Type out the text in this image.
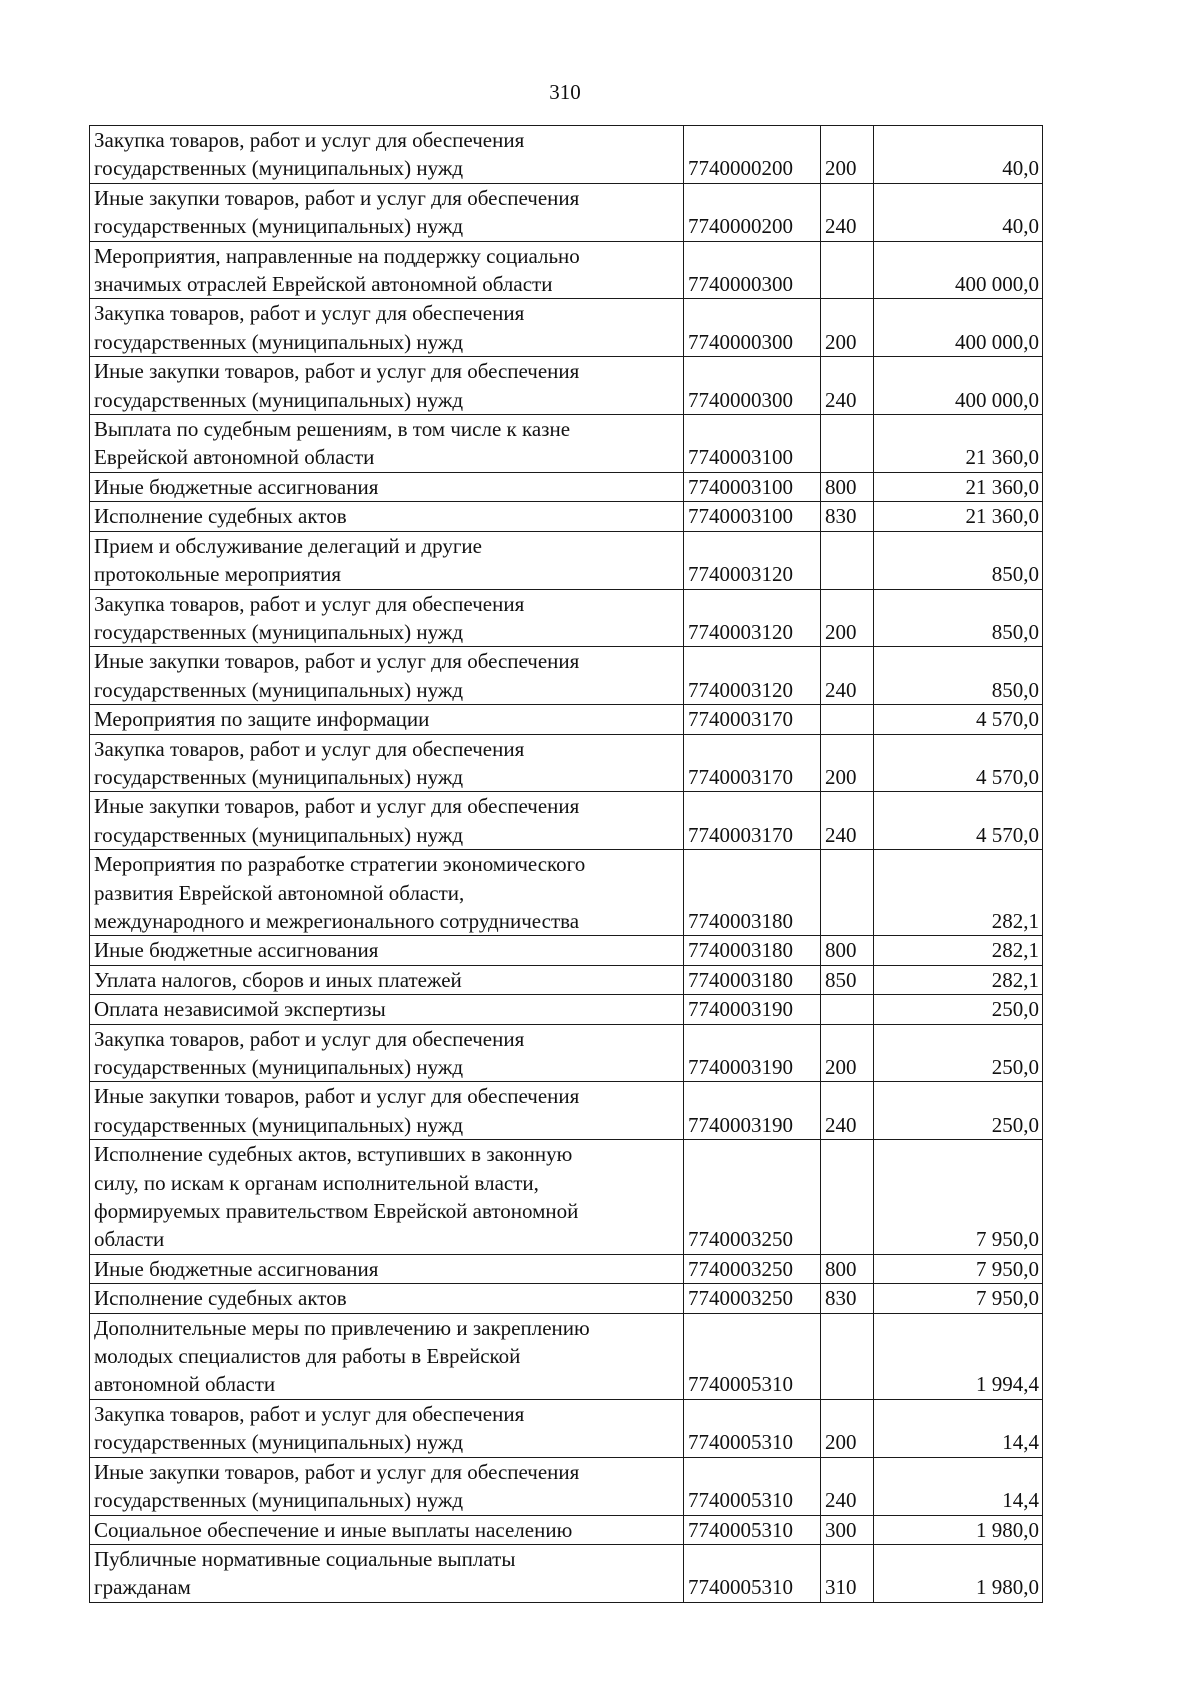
310
Закупка товаров, работ и услуг для обеспечения
государственных (муниципальных) нужд	7740000200	200	40,0

Иные закупки товаров, работ и услуг для обеспечения
государственных (муниципальных) нужд	7740000200	240	40,0

Мероприятия, направленные на поддержку социально
значимых отраслей Еврейской автономной области	7740000300		400 000,0

Закупка товаров, работ и услуг для обеспечения
государственных (муниципальных) нужд	7740000300	200	400 000,0

Иные закупки товаров, работ и услуг для обеспечения
государственных (муниципальных) нужд	7740000300	240	400 000,0

Выплата по судебным решениям, в том числе к казне
Еврейской автономной области	7740003100		21 360,0

Иные бюджетные ассигнования	7740003100	800	21 360,0

Исполнение судебных актов	7740003100	830	21 360,0

Прием и обслуживание делегаций и другие
протокольные мероприятия	7740003120		850,0

Закупка товаров, работ и услуг для обеспечения
государственных (муниципальных) нужд	7740003120	200	850,0

Иные закупки товаров, работ и услуг для обеспечения
государственных (муниципальных) нужд	7740003120	240	850,0

Мероприятия по защите информации	7740003170		4 570,0

Закупка товаров, работ и услуг для обеспечения
государственных (муниципальных) нужд	7740003170	200	4 570,0

Иные закупки товаров, работ и услуг для обеспечения
государственных (муниципальных) нужд	7740003170	240	4 570,0

Мероприятия по разработке стратегии экономического
развития Еврейской автономной области,
международного и межрегионального сотрудничества	7740003180		282,1

Иные бюджетные ассигнования	7740003180	800	282,1

Уплата налогов, сборов и иных платежей	7740003180	850	282,1

Оплата независимой экспертизы	7740003190		250,0

Закупка товаров, работ и услуг для обеспечения
государственных (муниципальных) нужд	7740003190	200	250,0

Иные закупки товаров, работ и услуг для обеспечения
государственных (муниципальных) нужд	7740003190	240	250,0

Исполнение судебных актов, вступивших в законную
силу, по искам к органам исполнительной власти,
формируемых правительством Еврейской автономной
области	7740003250		7 950,0

Иные бюджетные ассигнования	7740003250	800	7 950,0

Исполнение судебных актов	7740003250	830	7 950,0

Дополнительные меры по привлечению и закреплению
молодых специалистов для работы в Еврейской
автономной области	7740005310		1 994,4

Закупка товаров, работ и услуг для обеспечения
государственных (муниципальных) нужд	7740005310	200	14,4

Иные закупки товаров, работ и услуг для обеспечения
государственных (муниципальных) нужд	7740005310	240	14,4

Социальное обеспечение и иные выплаты населению	7740005310	300	1 980,0

Публичные нормативные социальные выплаты
гражданам	7740005310	310	1 980,0
